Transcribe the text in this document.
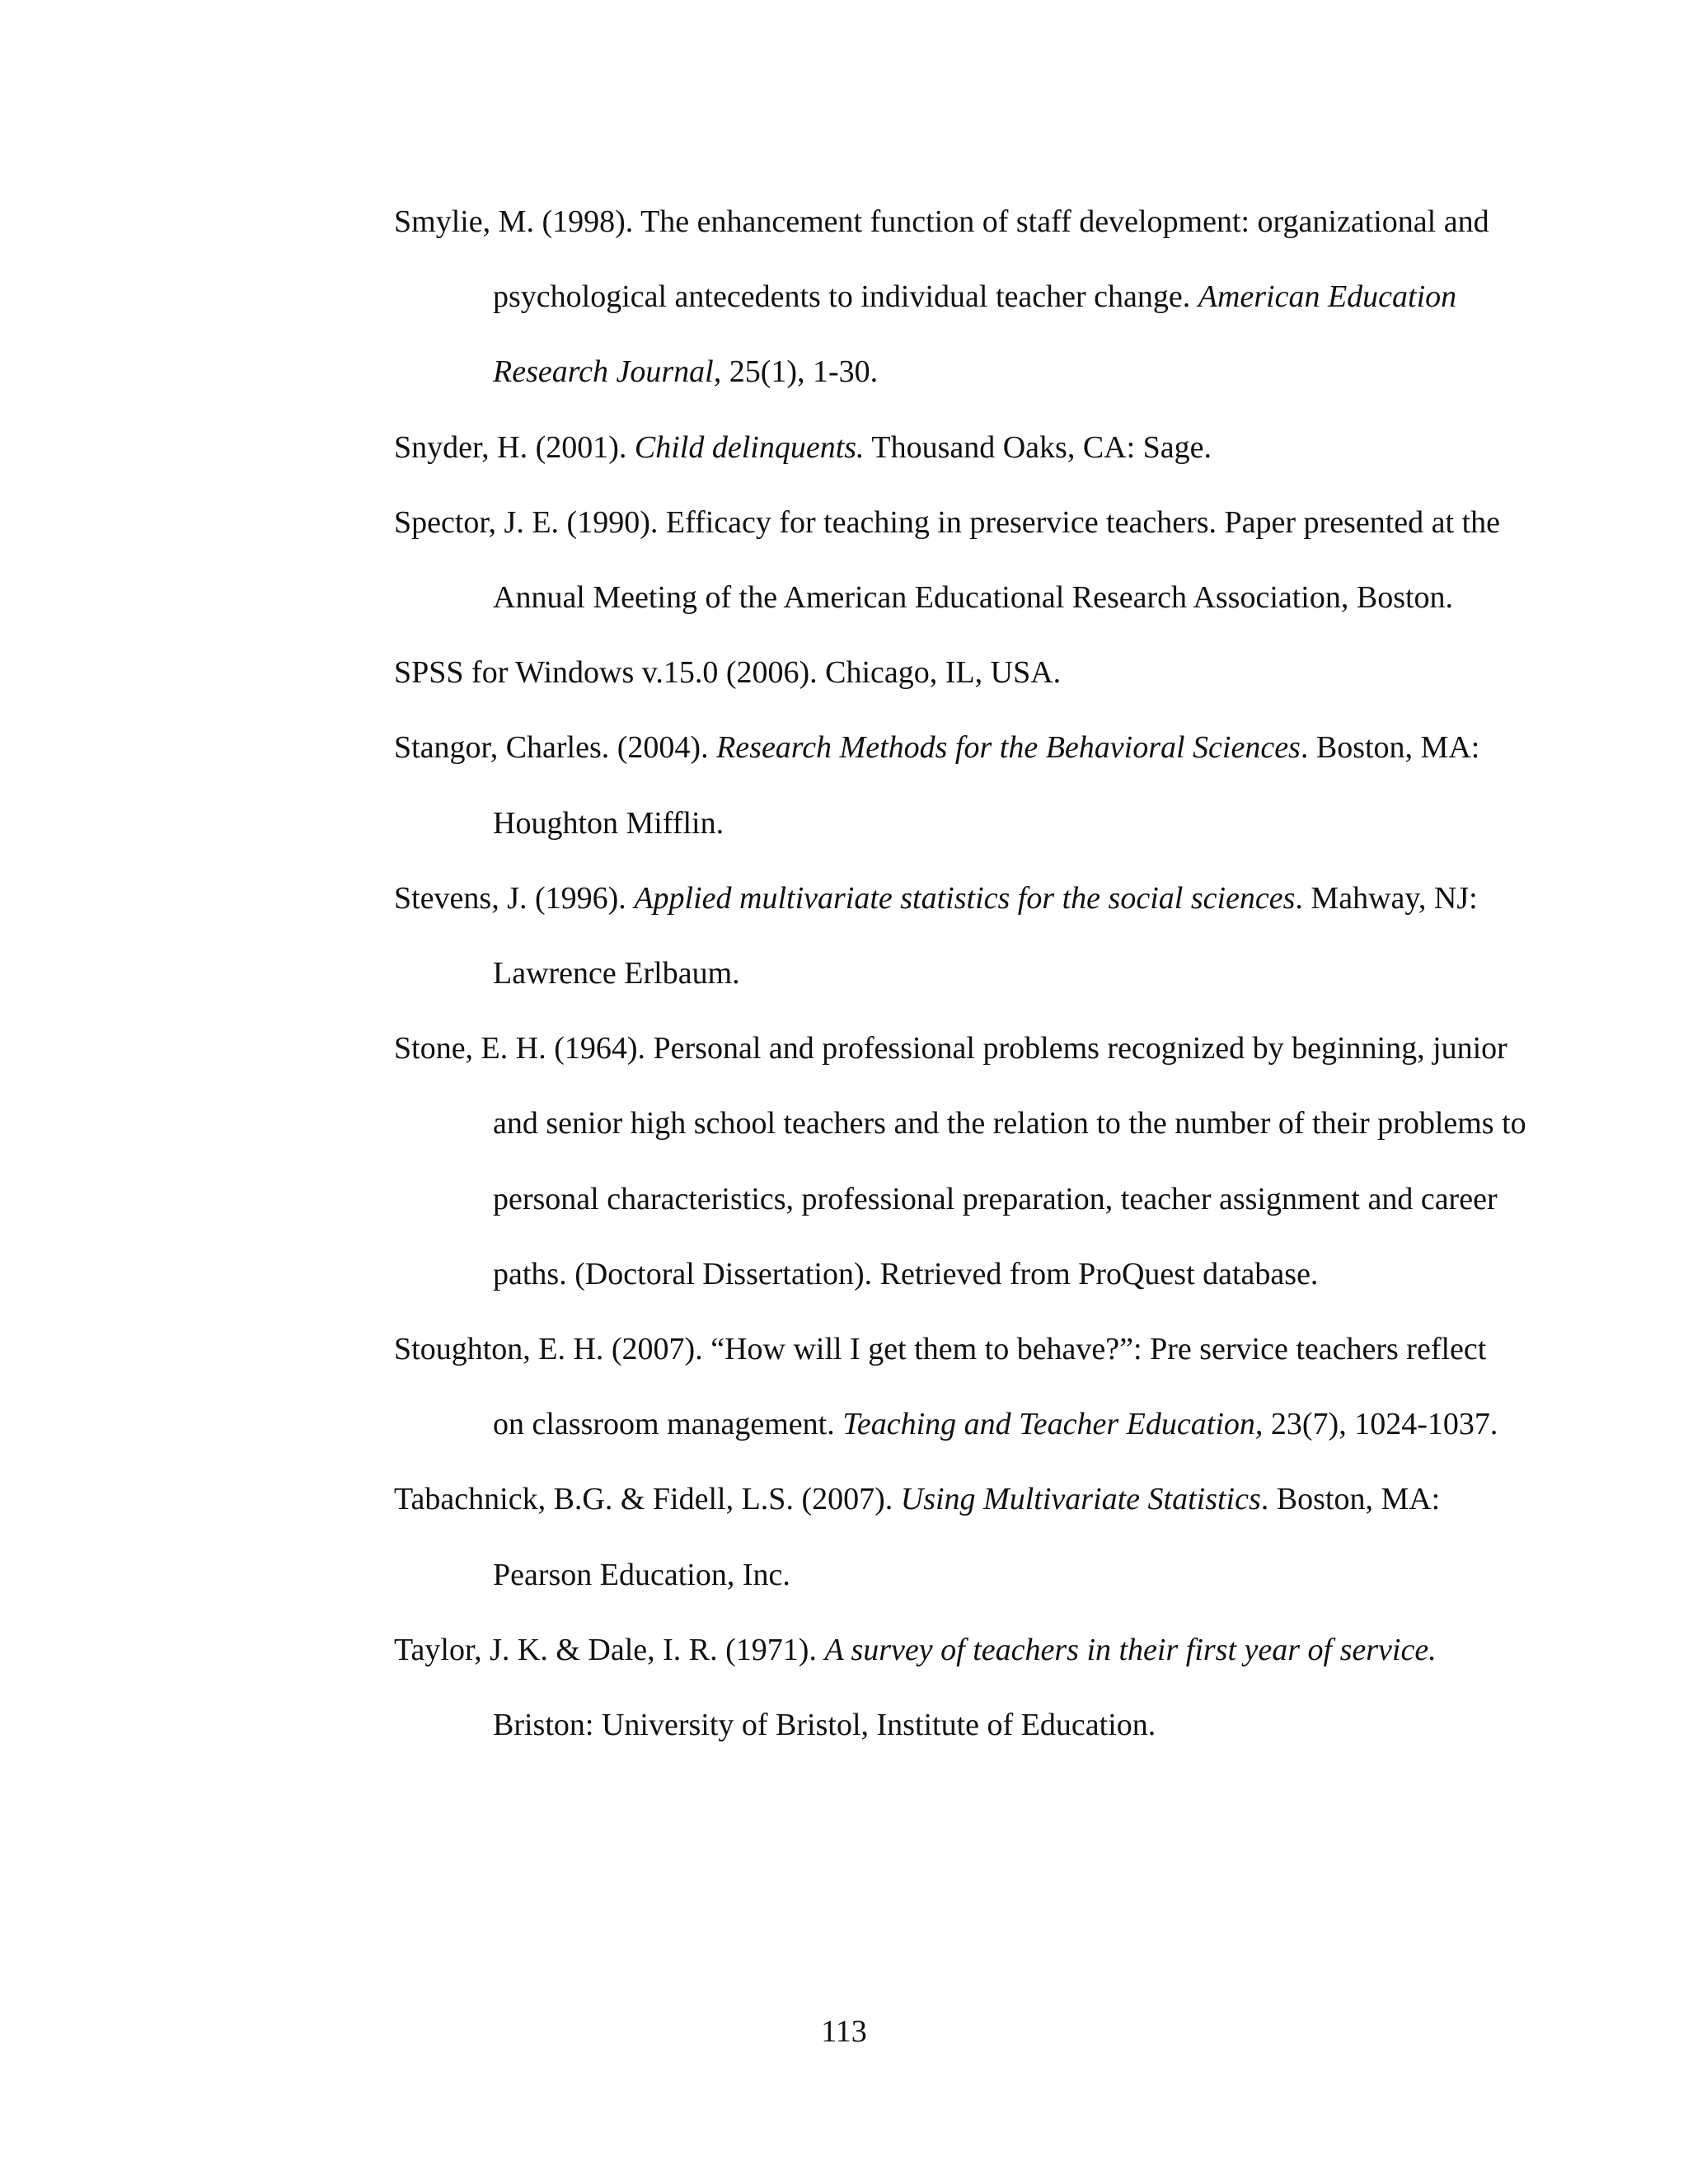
Smylie, M. (1998). The enhancement function of staff development: organizational and
psychological antecedents to individual teacher change. American Education
Research Journal, 25(1), 1-30.

Snyder, H. (2001). Child delinquents. Thousand Oaks, CA: Sage.

Spector, J. E. (1990). Efficacy for teaching in preservice teachers. Paper presented at the
Annual Meeting of the American Educational Research Association, Boston.

SPSS for Windows v.15.0 (2006). Chicago, IL, USA.

Stangor, Charles. (2004). Research Methods for the Behavioral Sciences. Boston, MA:
Houghton Mifflin.

Stevens, J. (1996). Applied multivariate statistics for the social sciences. Mahway, NJ:
Lawrence Erlbaum.

Stone, E. H. (1964). Personal and professional problems recognized by beginning, junior
and senior high school teachers and the relation to the number of their problems to
personal characteristics, professional preparation, teacher assignment and career
paths. (Doctoral Dissertation). Retrieved from ProQuest database.

Stoughton, E. H. (2007). “How will I get them to behave?”: Pre service teachers reflect
on classroom management. Teaching and Teacher Education, 23(7), 1024-1037.

Tabachnick, B.G. & Fidell, L.S. (2007). Using Multivariate Statistics. Boston, MA:
Pearson Education, Inc.

Taylor, J. K. & Dale, I. R. (1971). A survey of teachers in their first year of service.
Briston: University of Bristol, Institute of Education.

113
